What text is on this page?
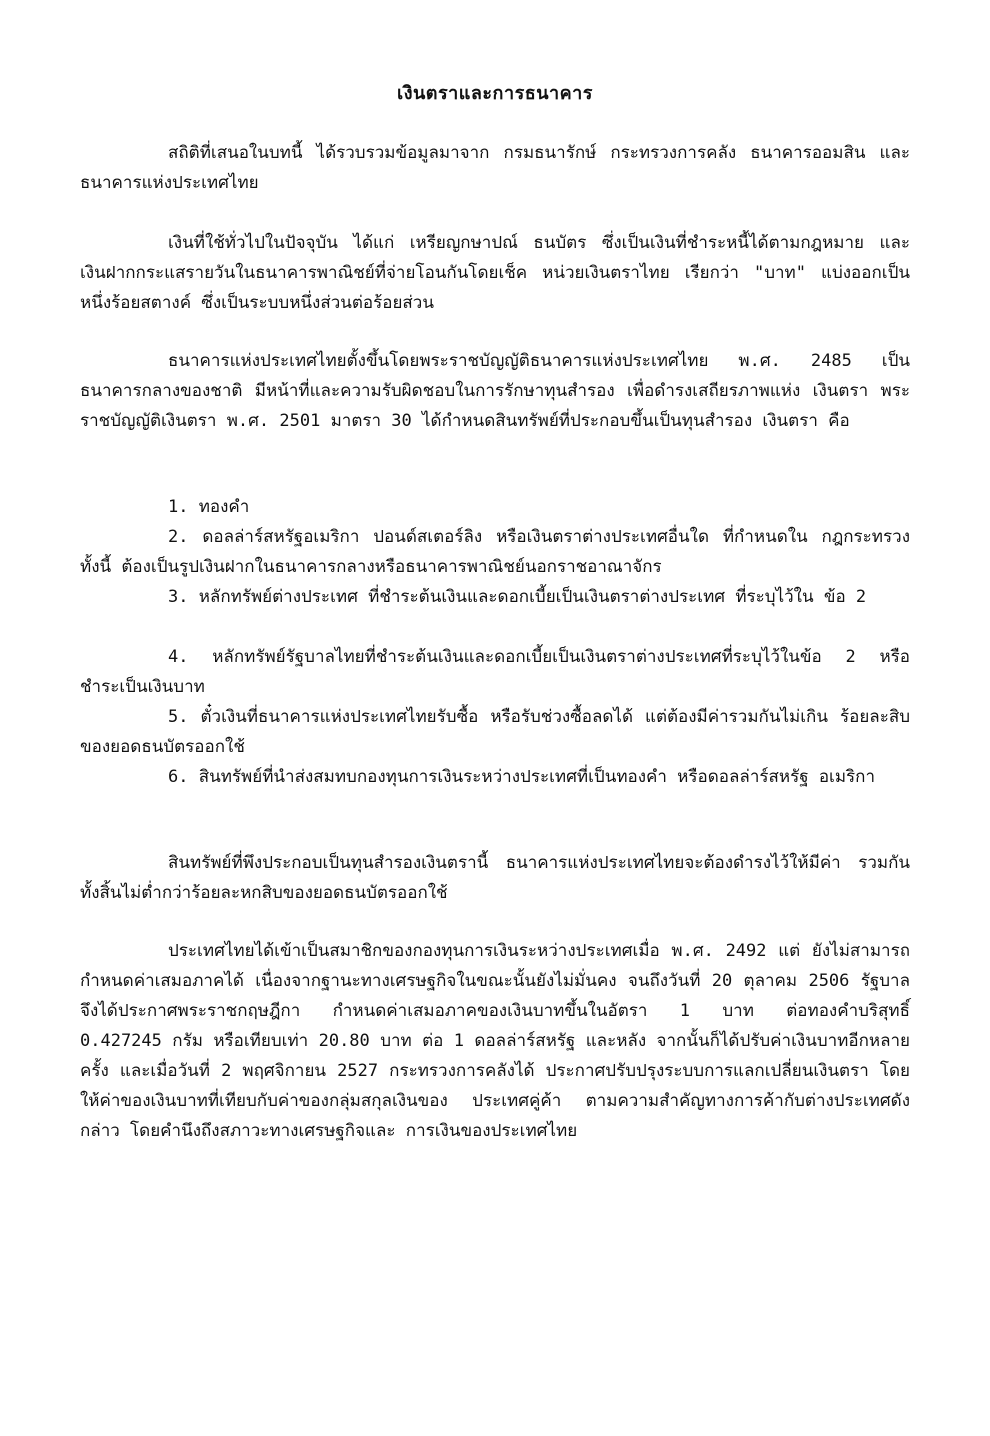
เงินตราและการธนาคาร
สถิติที่เสนอในบทนี้ ได้รวบรวมข้อมูลมาจาก กรมธนารักษ์ กระทรวงการคลัง ธนาคารออมสิน และธนาคารแห่งประเทศไทย
เงินที่ใช้ทั่วไปในปัจจุบัน ได้แก่ เหรียญกษาปณ์ ธนบัตร ซึ่งเป็นเงินที่ชำระหนี้ได้ตามกฎหมาย และ เงินฝากกระแสรายวันในธนาคารพาณิชย์ที่จ่ายโอนกันโดยเช็ค หน่วยเงินตราไทย เรียกว่า "บาท" แบ่งออกเป็นหนึ่งร้อยสตางค์ ซึ่งเป็นระบบหนึ่งส่วนต่อร้อยส่วน
ธนาคารแห่งประเทศไทยตั้งขึ้นโดยพระราชบัญญัติธนาคารแห่งประเทศไทย พ.ศ. 2485 เป็น ธนาคารกลางของชาติ มีหน้าที่และความรับผิดชอบในการรักษาทุนสำรอง เพื่อดำรงเสถียรภาพแห่ง เงินตรา พระราชบัญญัติเงินตรา พ.ศ. 2501 มาตรา 30 ได้กำหนดสินทรัพย์ที่ประกอบขึ้นเป็นทุนสำรอง เงินตรา คือ
1. ทองคำ
2. ดอลล่าร์สหรัฐอเมริกา ปอนด์สเตอร์ลิง หรือเงินตราต่างประเทศอื่นใด ที่กำหนดใน กฎกระทรวงทั้งนี้ ต้องเป็นรูปเงินฝากในธนาคารกลางหรือธนาคารพาณิชย์นอกราชอาณาจักร
3. หลักทรัพย์ต่างประเทศ ที่ชำระต้นเงินและดอกเบี้ยเป็นเงินตราต่างประเทศ ที่ระบุไว้ใน ข้อ 2
4. หลักทรัพย์รัฐบาลไทยที่ชำระต้นเงินและดอกเบี้ยเป็นเงินตราต่างประเทศที่ระบุไว้ในข้อ 2 หรือ ชำระเป็นเงินบาท
5. ตั๋วเงินที่ธนาคารแห่งประเทศไทยรับซื้อ หรือรับช่วงซื้อลดได้ แต่ต้องมีค่ารวมกันไม่เกิน ร้อยละสิบ ของยอดธนบัตรออกใช้
6. สินทรัพย์ที่นำส่งสมทบกองทุนการเงินระหว่างประเทศที่เป็นทองคำ หรือดอลล่าร์สหรัฐ อเมริกา
สินทรัพย์ที่พึงประกอบเป็นทุนสำรองเงินตรานี้ ธนาคารแห่งประเทศไทยจะต้องดำรงไว้ให้มีค่า รวมกันทั้งสิ้นไม่ต่ำกว่าร้อยละหกสิบของยอดธนบัตรออกใช้
ประเทศไทยได้เข้าเป็นสมาชิกของกองทุนการเงินระหว่างประเทศเมื่อ พ.ศ. 2492 แต่ ยังไม่สามารถกำหนดค่าเสมอภาคได้ เนื่องจากฐานะทางเศรษฐกิจในขณะนั้นยังไม่มั่นคง จนถึงวันที่ 20 ตุลาคม 2506 รัฐบาลจึงได้ประกาศพระราชกฤษฎีกา กำหนดค่าเสมอภาคของเงินบาทขึ้นในอัตรา 1 บาท ต่อทองคำบริสุทธิ์ 0.427245 กรัม หรือเทียบเท่า 20.80 บาท ต่อ 1 ดอลล่าร์สหรัฐ และหลัง จากนั้นก็ได้ปรับค่าเงินบาทอีกหลายครั้ง และเมื่อวันที่ 2 พฤศจิกายน 2527 กระทรวงการคลังได้ ประกาศปรับปรุงระบบการแลกเปลี่ยนเงินตรา โดยให้ค่าของเงินบาทที่เทียบกับค่าของกลุ่มสกุลเงินของ ประเทศคู่ค้า ตามความสำคัญทางการค้ากับต่างประเทศดังกล่าว โดยคำนึงถึงสภาวะทางเศรษฐกิจและ การเงินของประเทศไทย
